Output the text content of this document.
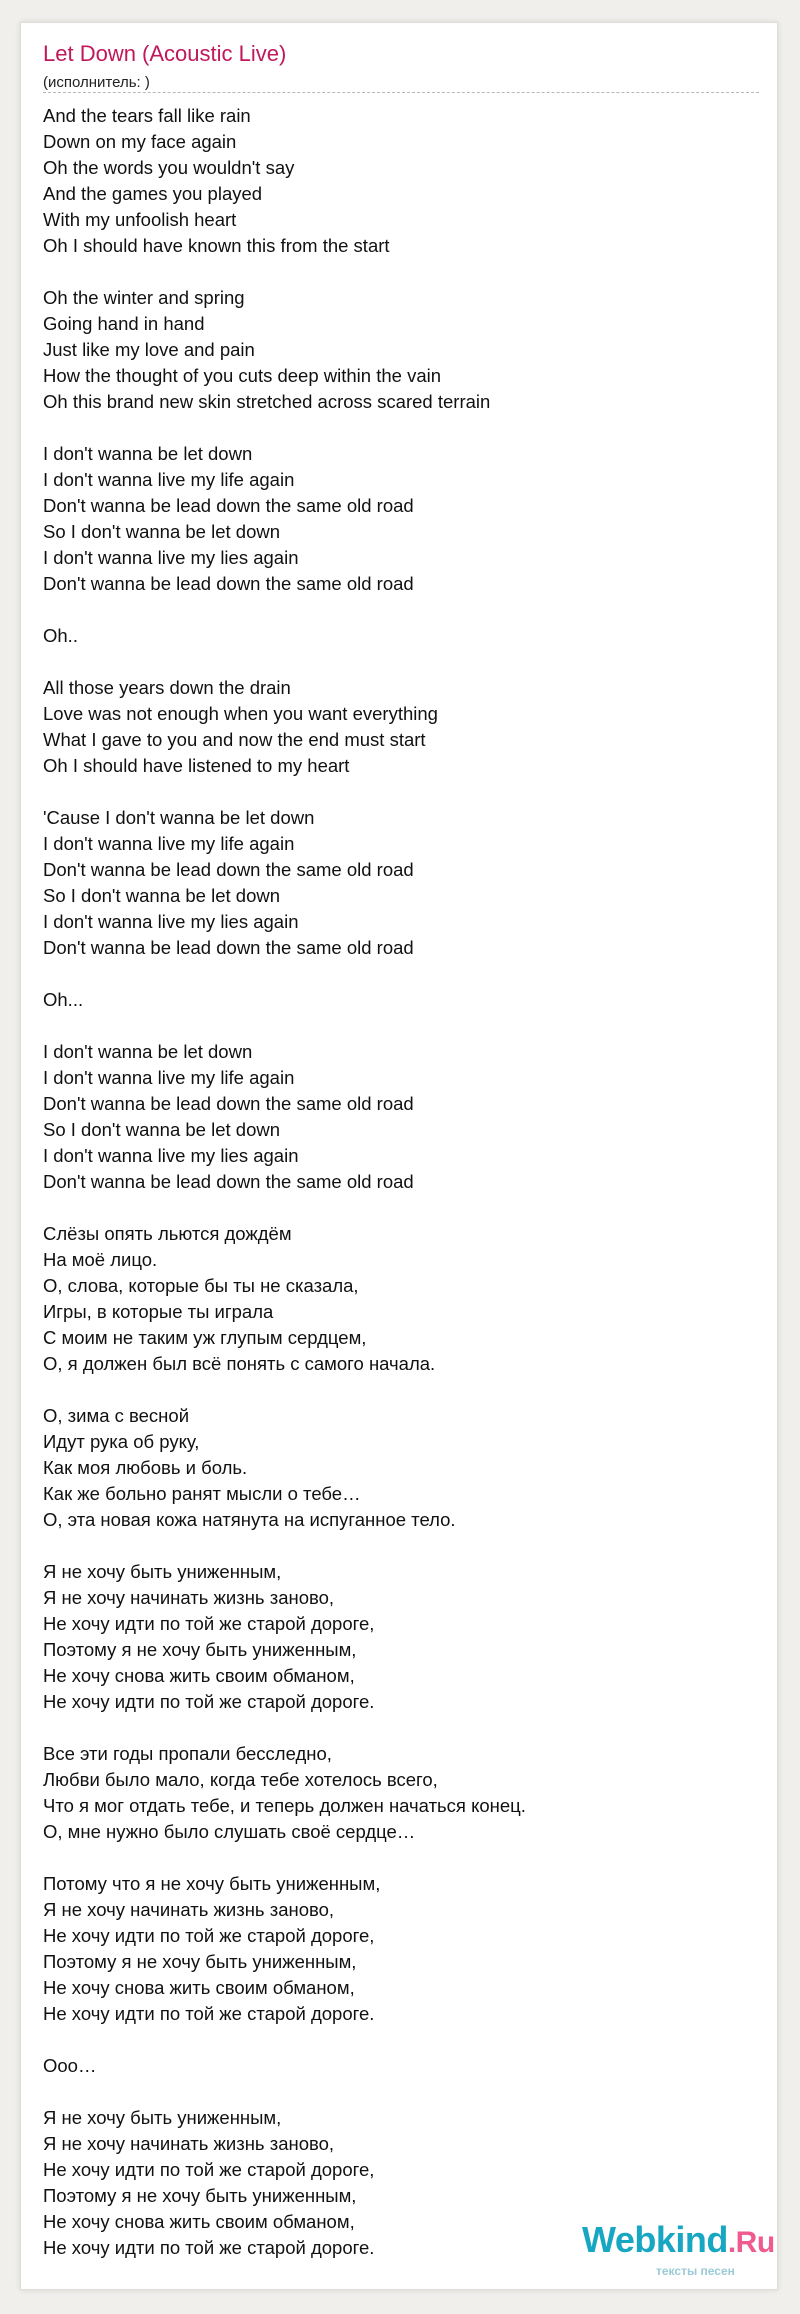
Let Down (Acoustic Live)
(исполнитель: )
And the tears fall like rain
Down on my face again
Oh the words you wouldn't say
And the games you played
With my unfoolish heart
Oh I should have known this from the start
Oh the winter and spring
Going hand in hand
Just like my love and pain
How the thought of you cuts deep within the vain
Oh this brand new skin stretched across scared terrain
I don't wanna be let down
I don't wanna live my life again
Don't wanna be lead down the same old road
So I don't wanna be let down
I don't wanna live my lies again
Don't wanna be lead down the same old road
Oh..
All those years down the drain
Love was not enough when you want everything
What I gave to you and now the end must start
Oh I should have listened to my heart
'Cause I don't wanna be let down
I don't wanna live my life again
Don't wanna be lead down the same old road
So I don't wanna be let down
I don't wanna live my lies again
Don't wanna be lead down the same old road
Oh...
I don't wanna be let down
I don't wanna live my life again
Don't wanna be lead down the same old road
So I don't wanna be let down
I don't wanna live my lies again
Don't wanna be lead down the same old road
Слёзы опять льются дождём
На моё лицо.
О, слова, которые бы ты не сказала,
Игры, в которые ты играла
С моим не таким уж глупым сердцем,
О, я должен был всё понять с самого начала.
О, зима с весной
Идут рука об руку,
Как моя любовь и боль.
Как же больно ранят мысли о тебе…
О, эта новая кожа натянута на испуганное тело.
Я не хочу быть униженным,
Я не хочу начинать жизнь заново,
Не хочу идти по той же старой дороге,
Поэтому я не хочу быть униженным,
Не хочу снова жить своим обманом,
Не хочу идти по той же старой дороге.
Все эти годы пропали бесследно,
Любви было мало, когда тебе хотелось всего,
Что я мог отдать тебе, и теперь должен начаться конец.
О, мне нужно было слушать своё сердце…
Потому что я не хочу быть униженным,
Я не хочу начинать жизнь заново,
Не хочу идти по той же старой дороге,
Поэтому я не хочу быть униженным,
Не хочу снова жить своим обманом,
Не хочу идти по той же старой дороге.
Ооо…
Я не хочу быть униженным,
Я не хочу начинать жизнь заново,
Не хочу идти по той же старой дороге,
Поэтому я не хочу быть униженным,
Не хочу снова жить своим обманом,
Не хочу идти по той же старой дороге.	Webkind.Ru
тексты песен
